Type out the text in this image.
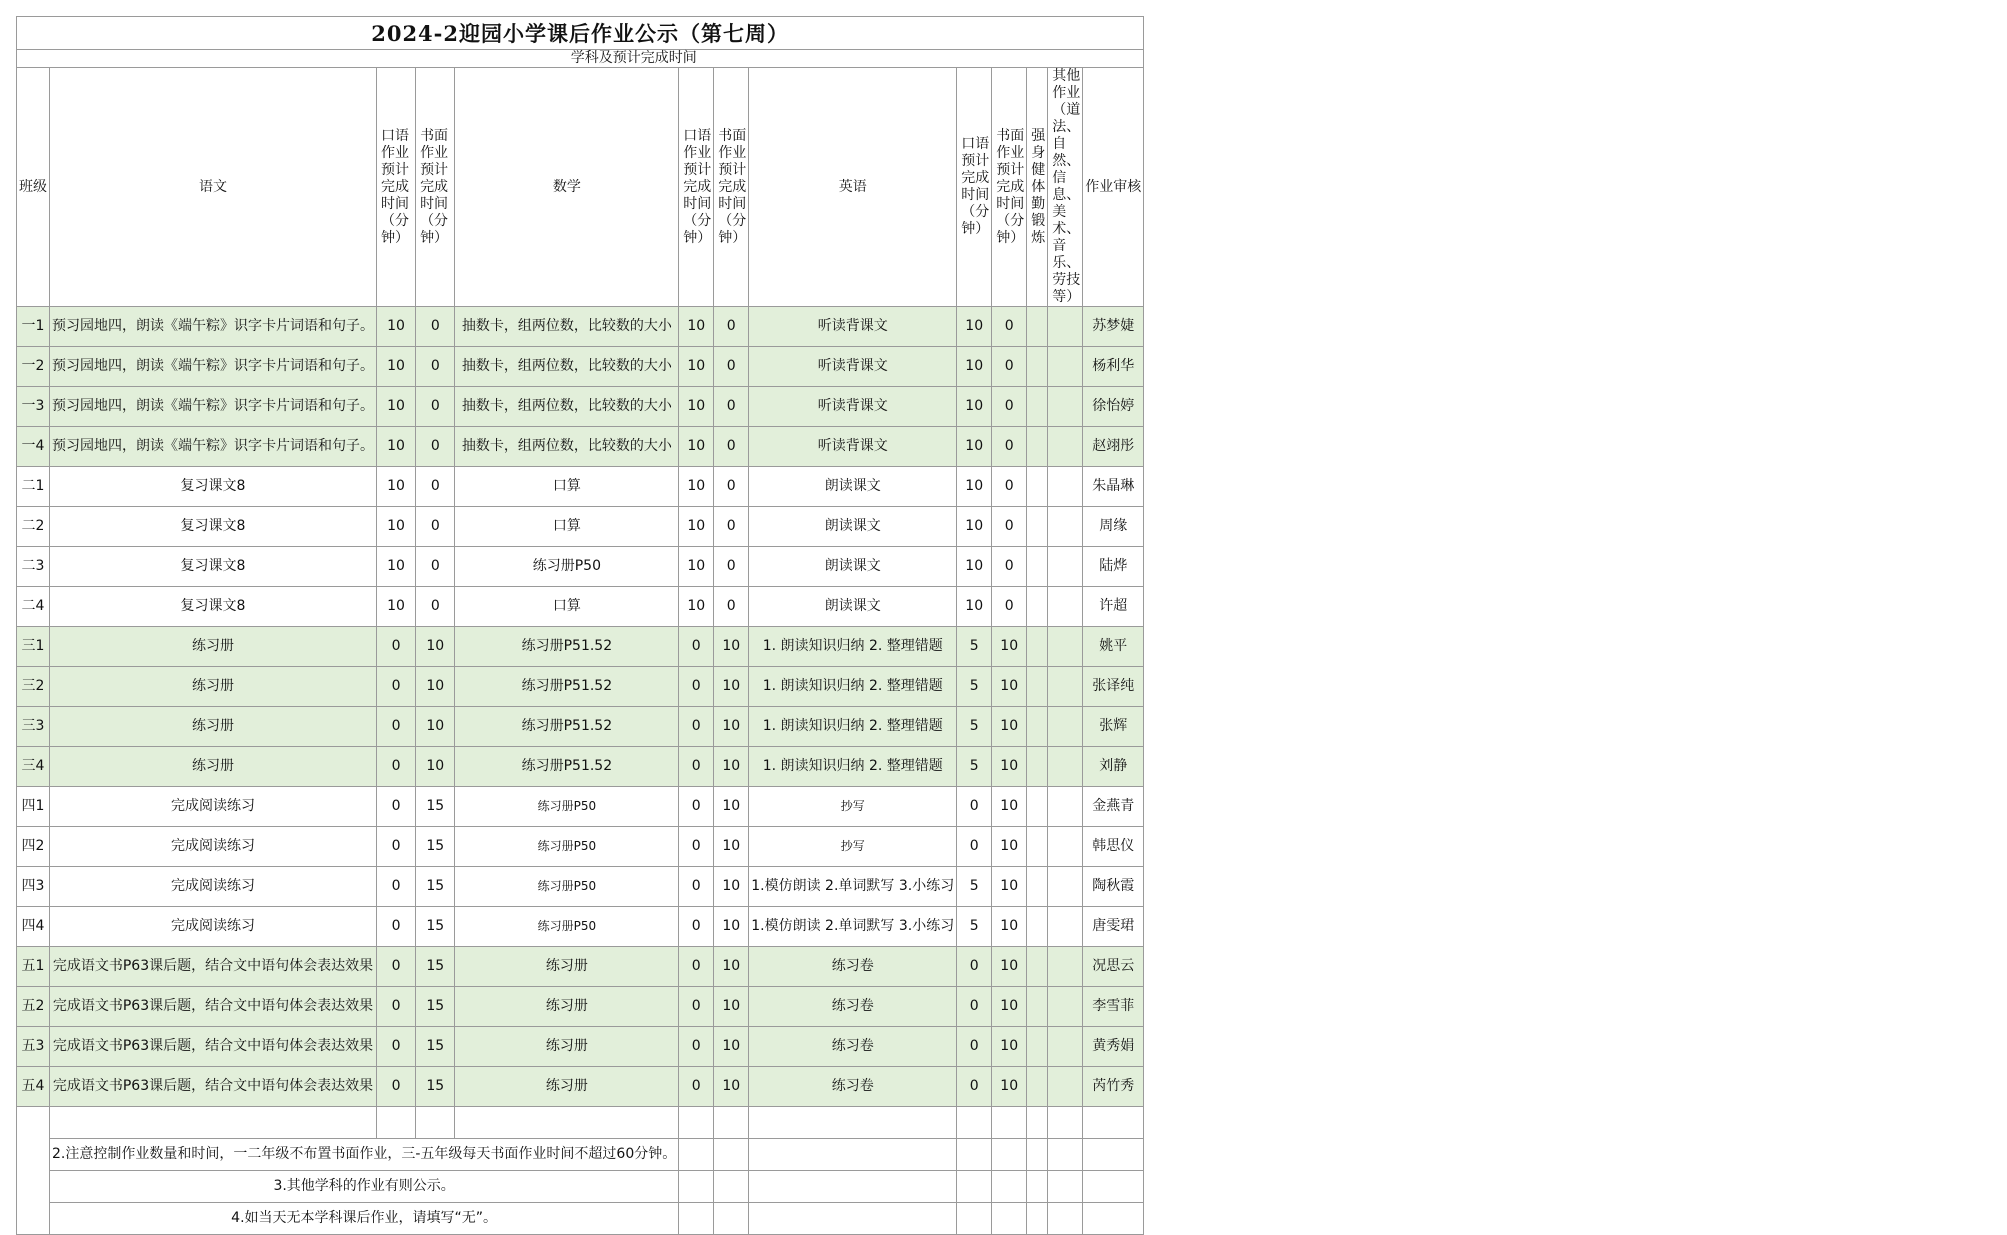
2024-2迎园小学课后作业公示（第七周）												
学科及预计完成时间												
班级	语文	口语作业预计完成时间（分钟）	书面作业预计完成时间（分钟）	数学	口语作业预计完成时间（分钟）	书面作业预计完成时间（分钟）	英语	口语预计完成时间（分钟）	书面作业预计完成时间（分钟）	强身健体勤锻炼	其他作业（道法、自然、信息、美术、音乐、劳技等）	作业审核
一1	预习园地四，朗读《端午粽》识字卡片词语和句子。	10	0	抽数卡，组两位数，比较数的大小	10	0	听读背课文	10	0			苏梦婕
一2	预习园地四，朗读《端午粽》识字卡片词语和句子。	10	0	抽数卡，组两位数，比较数的大小	10	0	听读背课文	10	0			杨利华
一3	预习园地四，朗读《端午粽》识字卡片词语和句子。	10	0	抽数卡，组两位数，比较数的大小	10	0	听读背课文	10	0			徐怡婷
一4	预习园地四，朗读《端午粽》识字卡片词语和句子。	10	0	抽数卡，组两位数，比较数的大小	10	0	听读背课文	10	0			赵翊彤
二1	复习课文8	10	0	口算	10	0	朗读课文	10	0			朱晶琳
二2	复习课文8	10	0	口算	10	0	朗读课文	10	0			周缘
二3	复习课文8	10	0	练习册P50	10	0	朗读课文	10	0			陆烨
二4	复习课文8	10	0	口算	10	0	朗读课文	10	0			许超
三1	练习册	0	10	练习册P51.52	0	10	1. 朗读知识归纳 2. 整理错题	5	10			姚平
三2	练习册	0	10	练习册P51.52	0	10	1. 朗读知识归纳 2. 整理错题	5	10			张译纯
三3	练习册	0	10	练习册P51.52	0	10	1. 朗读知识归纳 2. 整理错题	5	10			张辉
三4	练习册	0	10	练习册P51.52	0	10	1. 朗读知识归纳 2. 整理错题	5	10			刘静
四1	完成阅读练习	0	15	练习册P50	0	10	抄写	0	10			金燕青
四2	完成阅读练习	0	15	练习册P50	0	10	抄写	0	10			韩思仪
四3	完成阅读练习	0	15	练习册P50	0	10	1.模仿朗读 2.单词默写 3.小练习	5	10			陶秋霞
四4	完成阅读练习	0	15	练习册P50	0	10	1.模仿朗读 2.单词默写 3.小练习	5	10			唐雯珺
五1	完成语文书P63课后题，结合文中语句体会表达效果	0	15	练习册	0	10	练习卷	0	10			况思云
五2	完成语文书P63课后题，结合文中语句体会表达效果	0	15	练习册	0	10	练习卷	0	10			李雪菲
五3	完成语文书P63课后题，结合文中语句体会表达效果	0	15	练习册	0	10	练习卷	0	10			黄秀娟
五4	完成语文书P63课后题，结合文中语句体会表达效果	0	15	练习册	0	10	练习卷	0	10			芮竹秀

	2.注意控制作业数量和时间，一二年级不布置书面作业，三-五年级每天书面作业时间不超过60分钟。											
	3.其他学科的作业有则公示。											
	4.如当天无本学科课后作业，请填写“无”。											
